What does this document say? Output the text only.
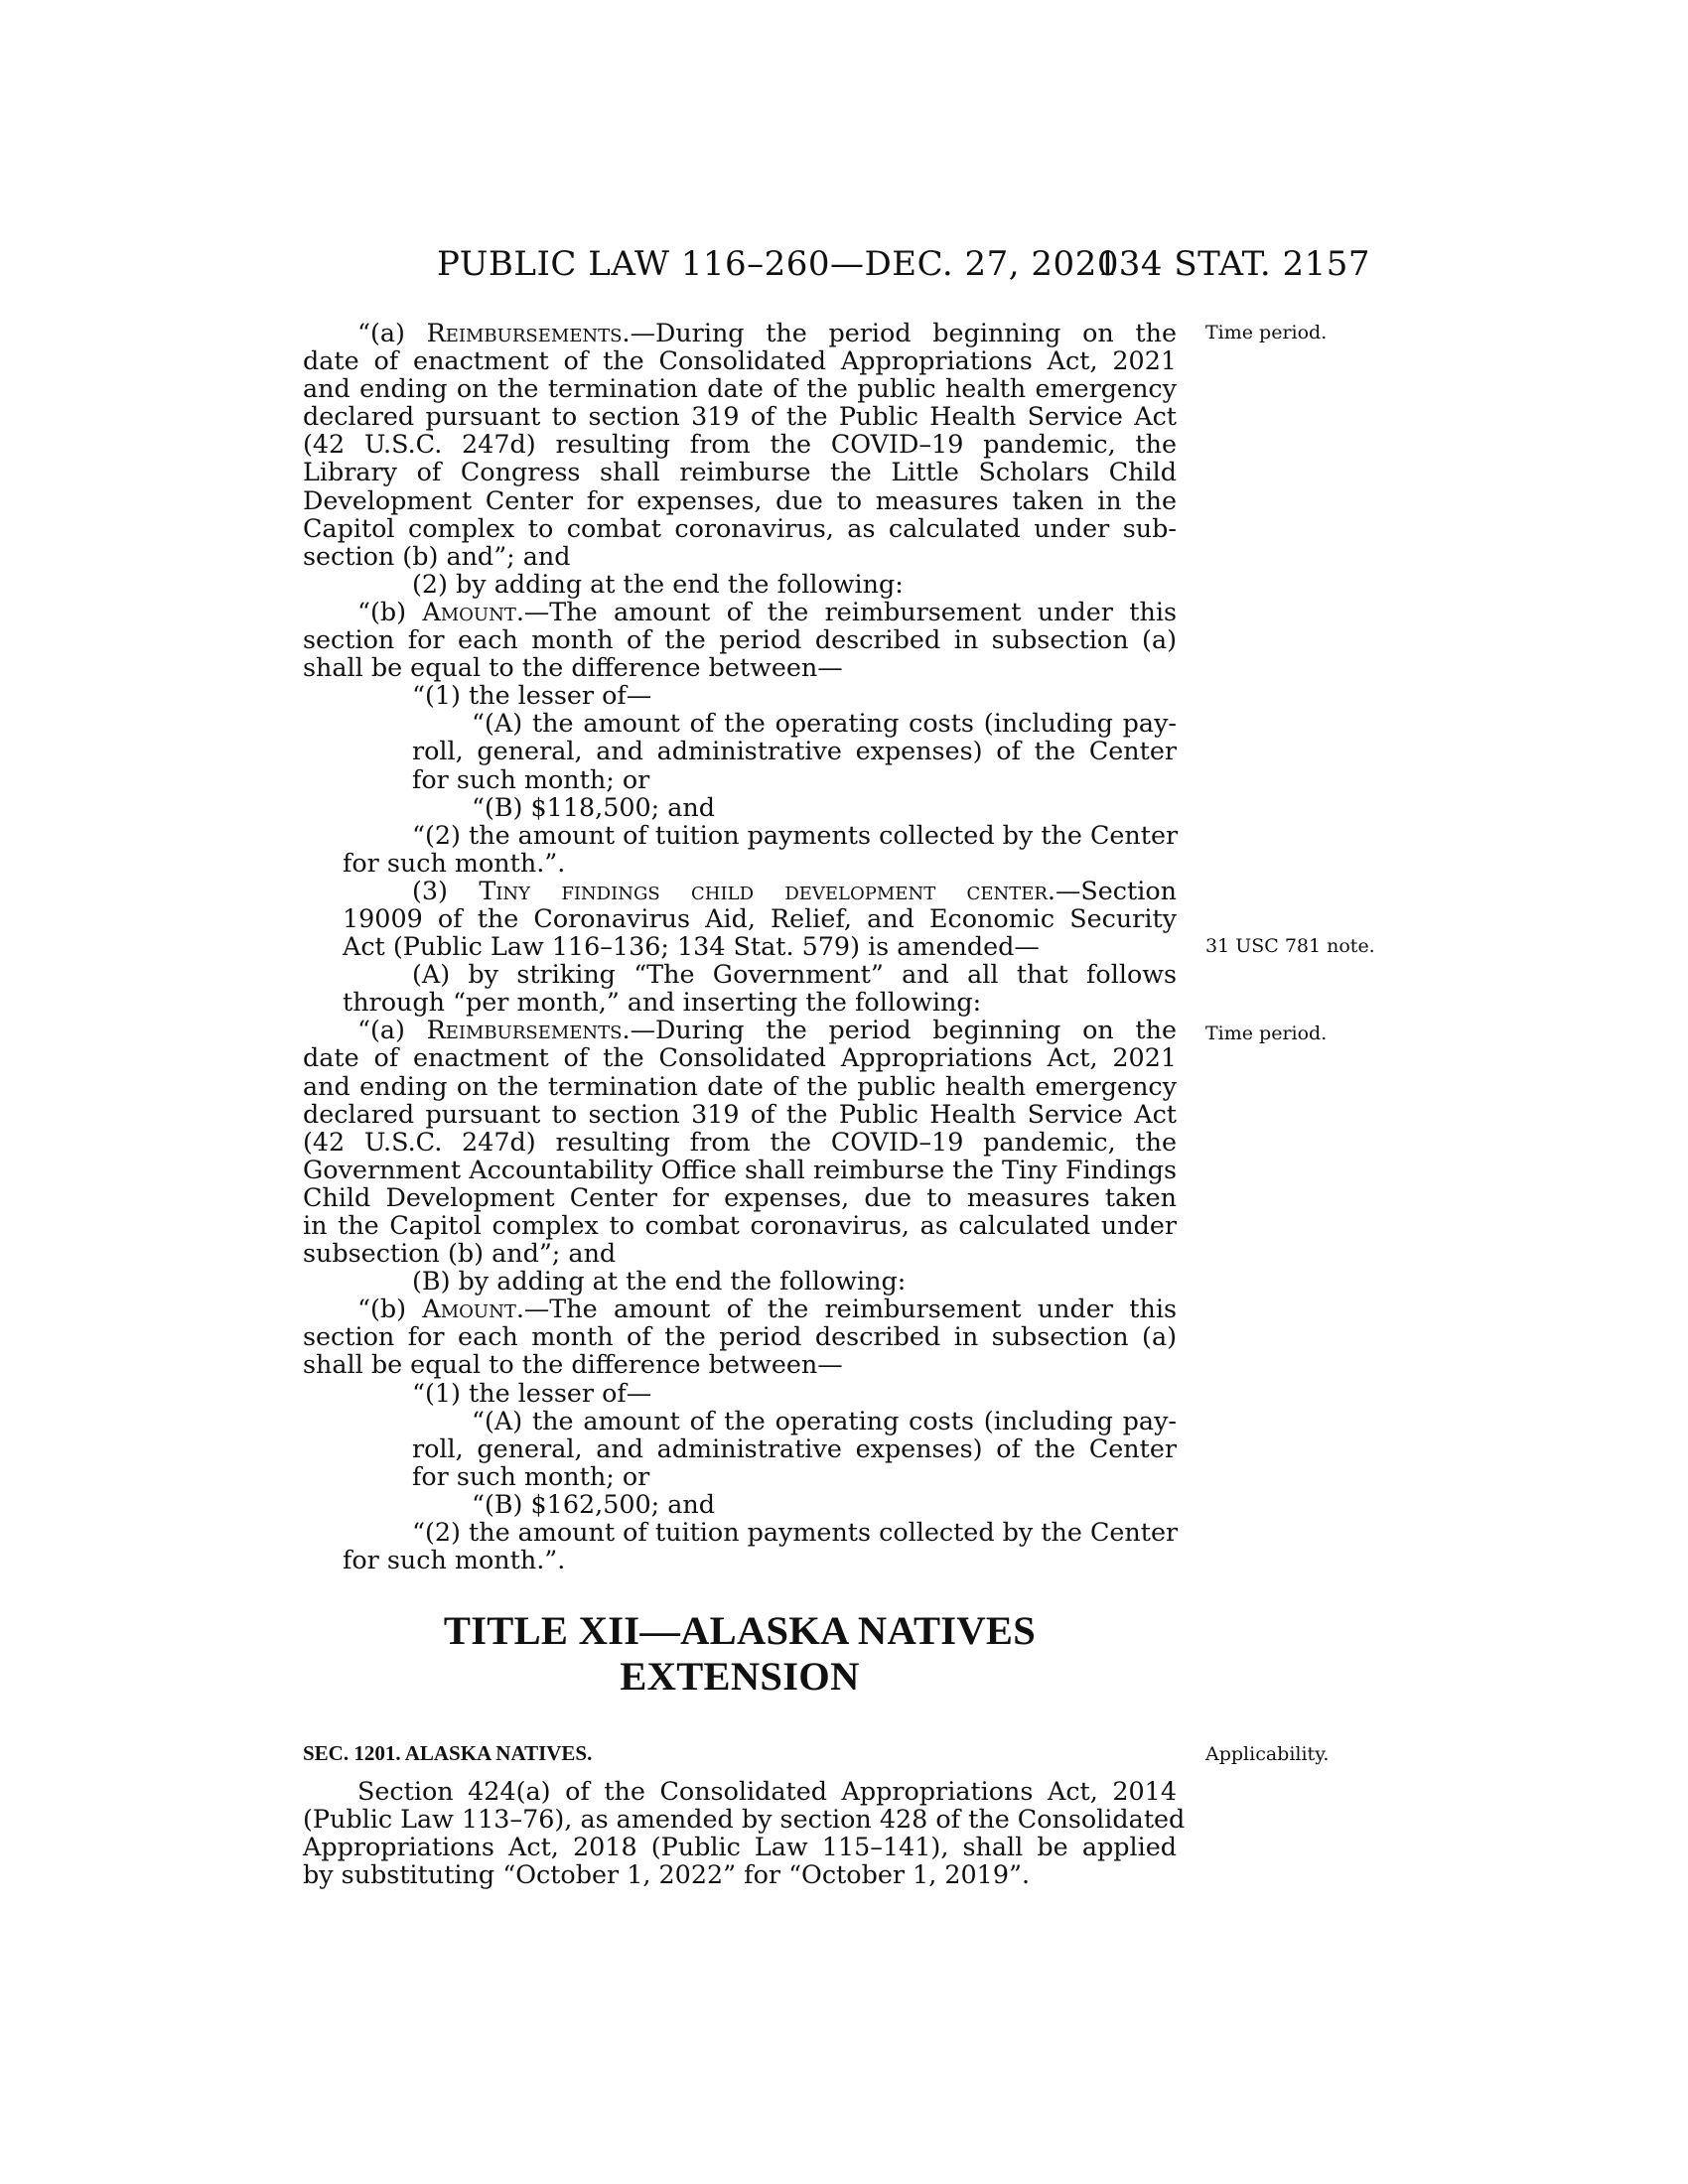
PUBLIC LAW 116–260—DEC. 27, 2020
134 STAT. 2157
Time period.
31 USC 781 note.
Time period.
Applicability.
“(a) Reimbursements.—During the period beginning on the
date of enactment of the Consolidated Appropriations Act, 2021
and ending on the termination date of the public health emergency
declared pursuant to section 319 of the Public Health Service Act
(42 U.S.C. 247d) resulting from the COVID–19 pandemic, the
Library of Congress shall reimburse the Little Scholars Child
Development Center for expenses, due to measures taken in the
Capitol complex to combat coronavirus, as calculated under sub-
section (b) and”; and
(2) by adding at the end the following:
“(b) Amount.—The amount of the reimbursement under this
section for each month of the period described in subsection (a)
shall be equal to the difference between—
“(1) the lesser of—
“(A) the amount of the operating costs (including pay-
roll, general, and administrative expenses) of the Center
for such month; or
“(B) $118,500; and
“(2) the amount of tuition payments collected by the Center
for such month.”.
(3) Tiny findings child development center.—Section
19009 of the Coronavirus Aid, Relief, and Economic Security
Act (Public Law 116–136; 134 Stat. 579) is amended—
(A) by striking “The Government” and all that follows
through “per month,” and inserting the following:
“(a) Reimbursements.—During the period beginning on the
date of enactment of the Consolidated Appropriations Act, 2021
and ending on the termination date of the public health emergency
declared pursuant to section 319 of the Public Health Service Act
(42 U.S.C. 247d) resulting from the COVID–19 pandemic, the
Government Accountability Office shall reimburse the Tiny Findings
Child Development Center for expenses, due to measures taken
in the Capitol complex to combat coronavirus, as calculated under
subsection (b) and”; and
(B) by adding at the end the following:
“(b) Amount.—The amount of the reimbursement under this
section for each month of the period described in subsection (a)
shall be equal to the difference between—
“(1) the lesser of—
“(A) the amount of the operating costs (including pay-
roll, general, and administrative expenses) of the Center
for such month; or
“(B) $162,500; and
“(2) the amount of tuition payments collected by the Center
for such month.”.
TITLE XII—ALASKA NATIVES
EXTENSION
SEC. 1201. ALASKA NATIVES.
Section 424(a) of the Consolidated Appropriations Act, 2014
(Public Law 113–76), as amended by section 428 of the Consolidated
Appropriations Act, 2018 (Public Law 115–141), shall be applied
by substituting “October 1, 2022” for “October 1, 2019”.
